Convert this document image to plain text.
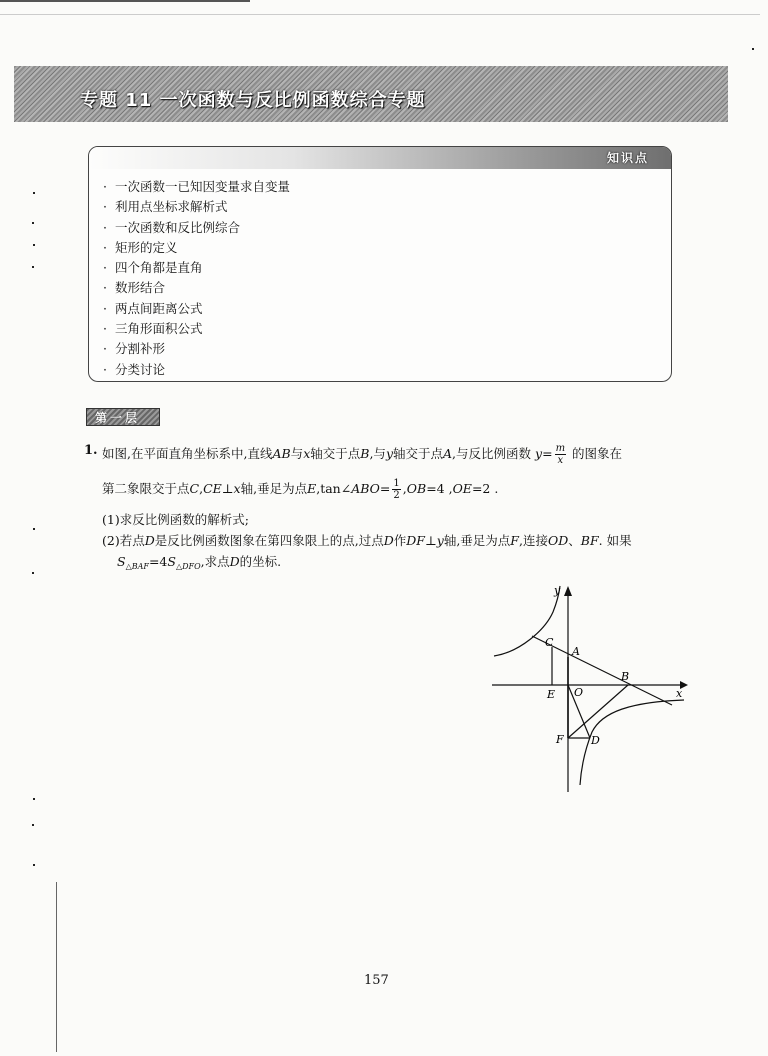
专题 11 一次函数与反比例函数综合专题
知识点
· 一次函数一已知因变量求自变量
· 利用点坐标求解析式
· 一次函数和反比例综合
· 矩形的定义
· 四个角都是直角
· 数形结合
· 两点间距离公式
· 三角形面积公式
· 分割补形
· 分类讨论
第一层
1. 如图,在平面直角坐标系中,直线AB与x轴交于点B,与y轴交于点A,与反比例函数 $y= \frac{m}{x}$ 的图象在
第二象限交于点C,CE⊥x轴,垂足为点E,tan∠ABO= $\frac{1}{2} ,OB=4$ ,OE=2 .
(1)求反比例函数的解析式;
(2)若点D是反比例函数图象在第四象限上的点,过点D作DF⊥y轴,垂足为点F,连接OD、BF. 如果
$S_{\triangle BAF}=4S_{\triangle DFO}$,求点D的坐标.
y
x
C
A
B
E O
F D
157
